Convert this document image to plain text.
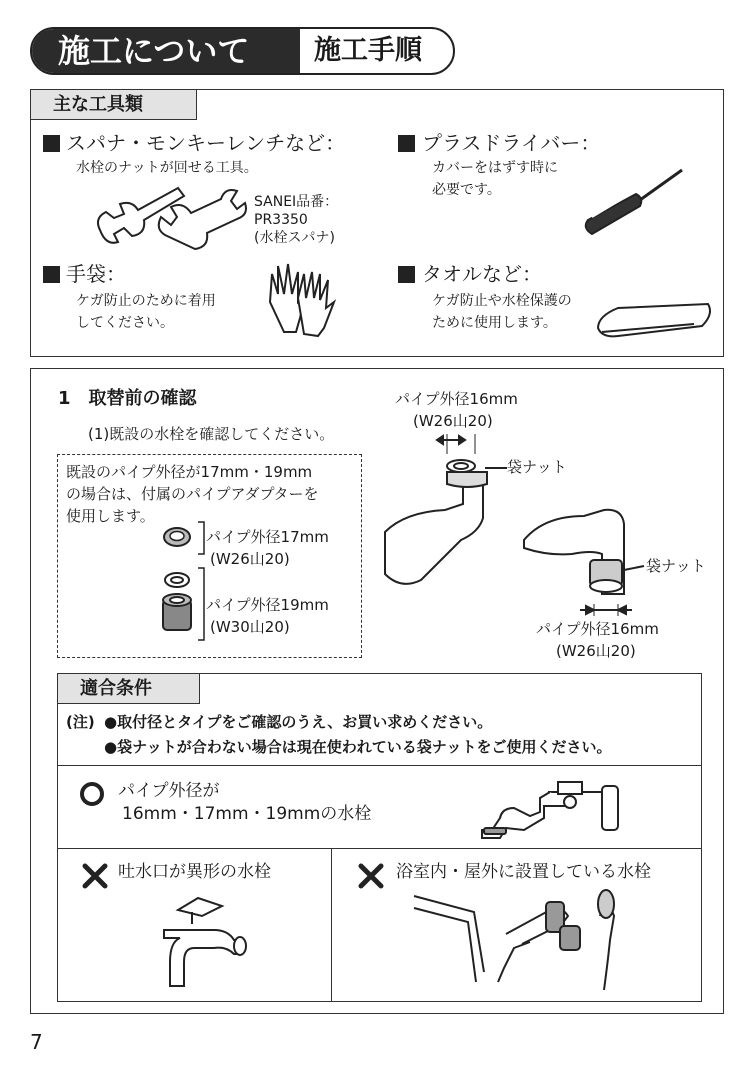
施工について	施工手順
主な工具類
スパナ・モンキーレンチなど：
水栓のナットが回せる工具。
SANEI品番：
PR3350
(水栓スパナ)
プラスドライバー：
カバーをはずす時に
必要です。
手袋：
ケガ防止のために着用
してください。
タオルなど：
ケガ防止や水栓保護の
ために使用します。
1　取替前の確認
(1)既設の水栓を確認してください。
既設のパイプ外径が17mm・19mm
の場合は、付属のパイプアダプターを
使用します。
パイプ外径17mm
(W26山20)
パイプ外径19mm
(W30山20)
パイプ外径16mm
(W26山20)
袋ナット
袋ナット
パイプ外径16mm
(W26山20)
適合条件
(注) ●取付径とタイプをご確認のうえ、お買い求めください。
●袋ナットが合わない場合は現在使われている袋ナットをご使用ください。
パイプ外径が
16mm・17mm・19mmの水栓
吐水口が異形の水栓	浴室内・屋外に設置している水栓
7
